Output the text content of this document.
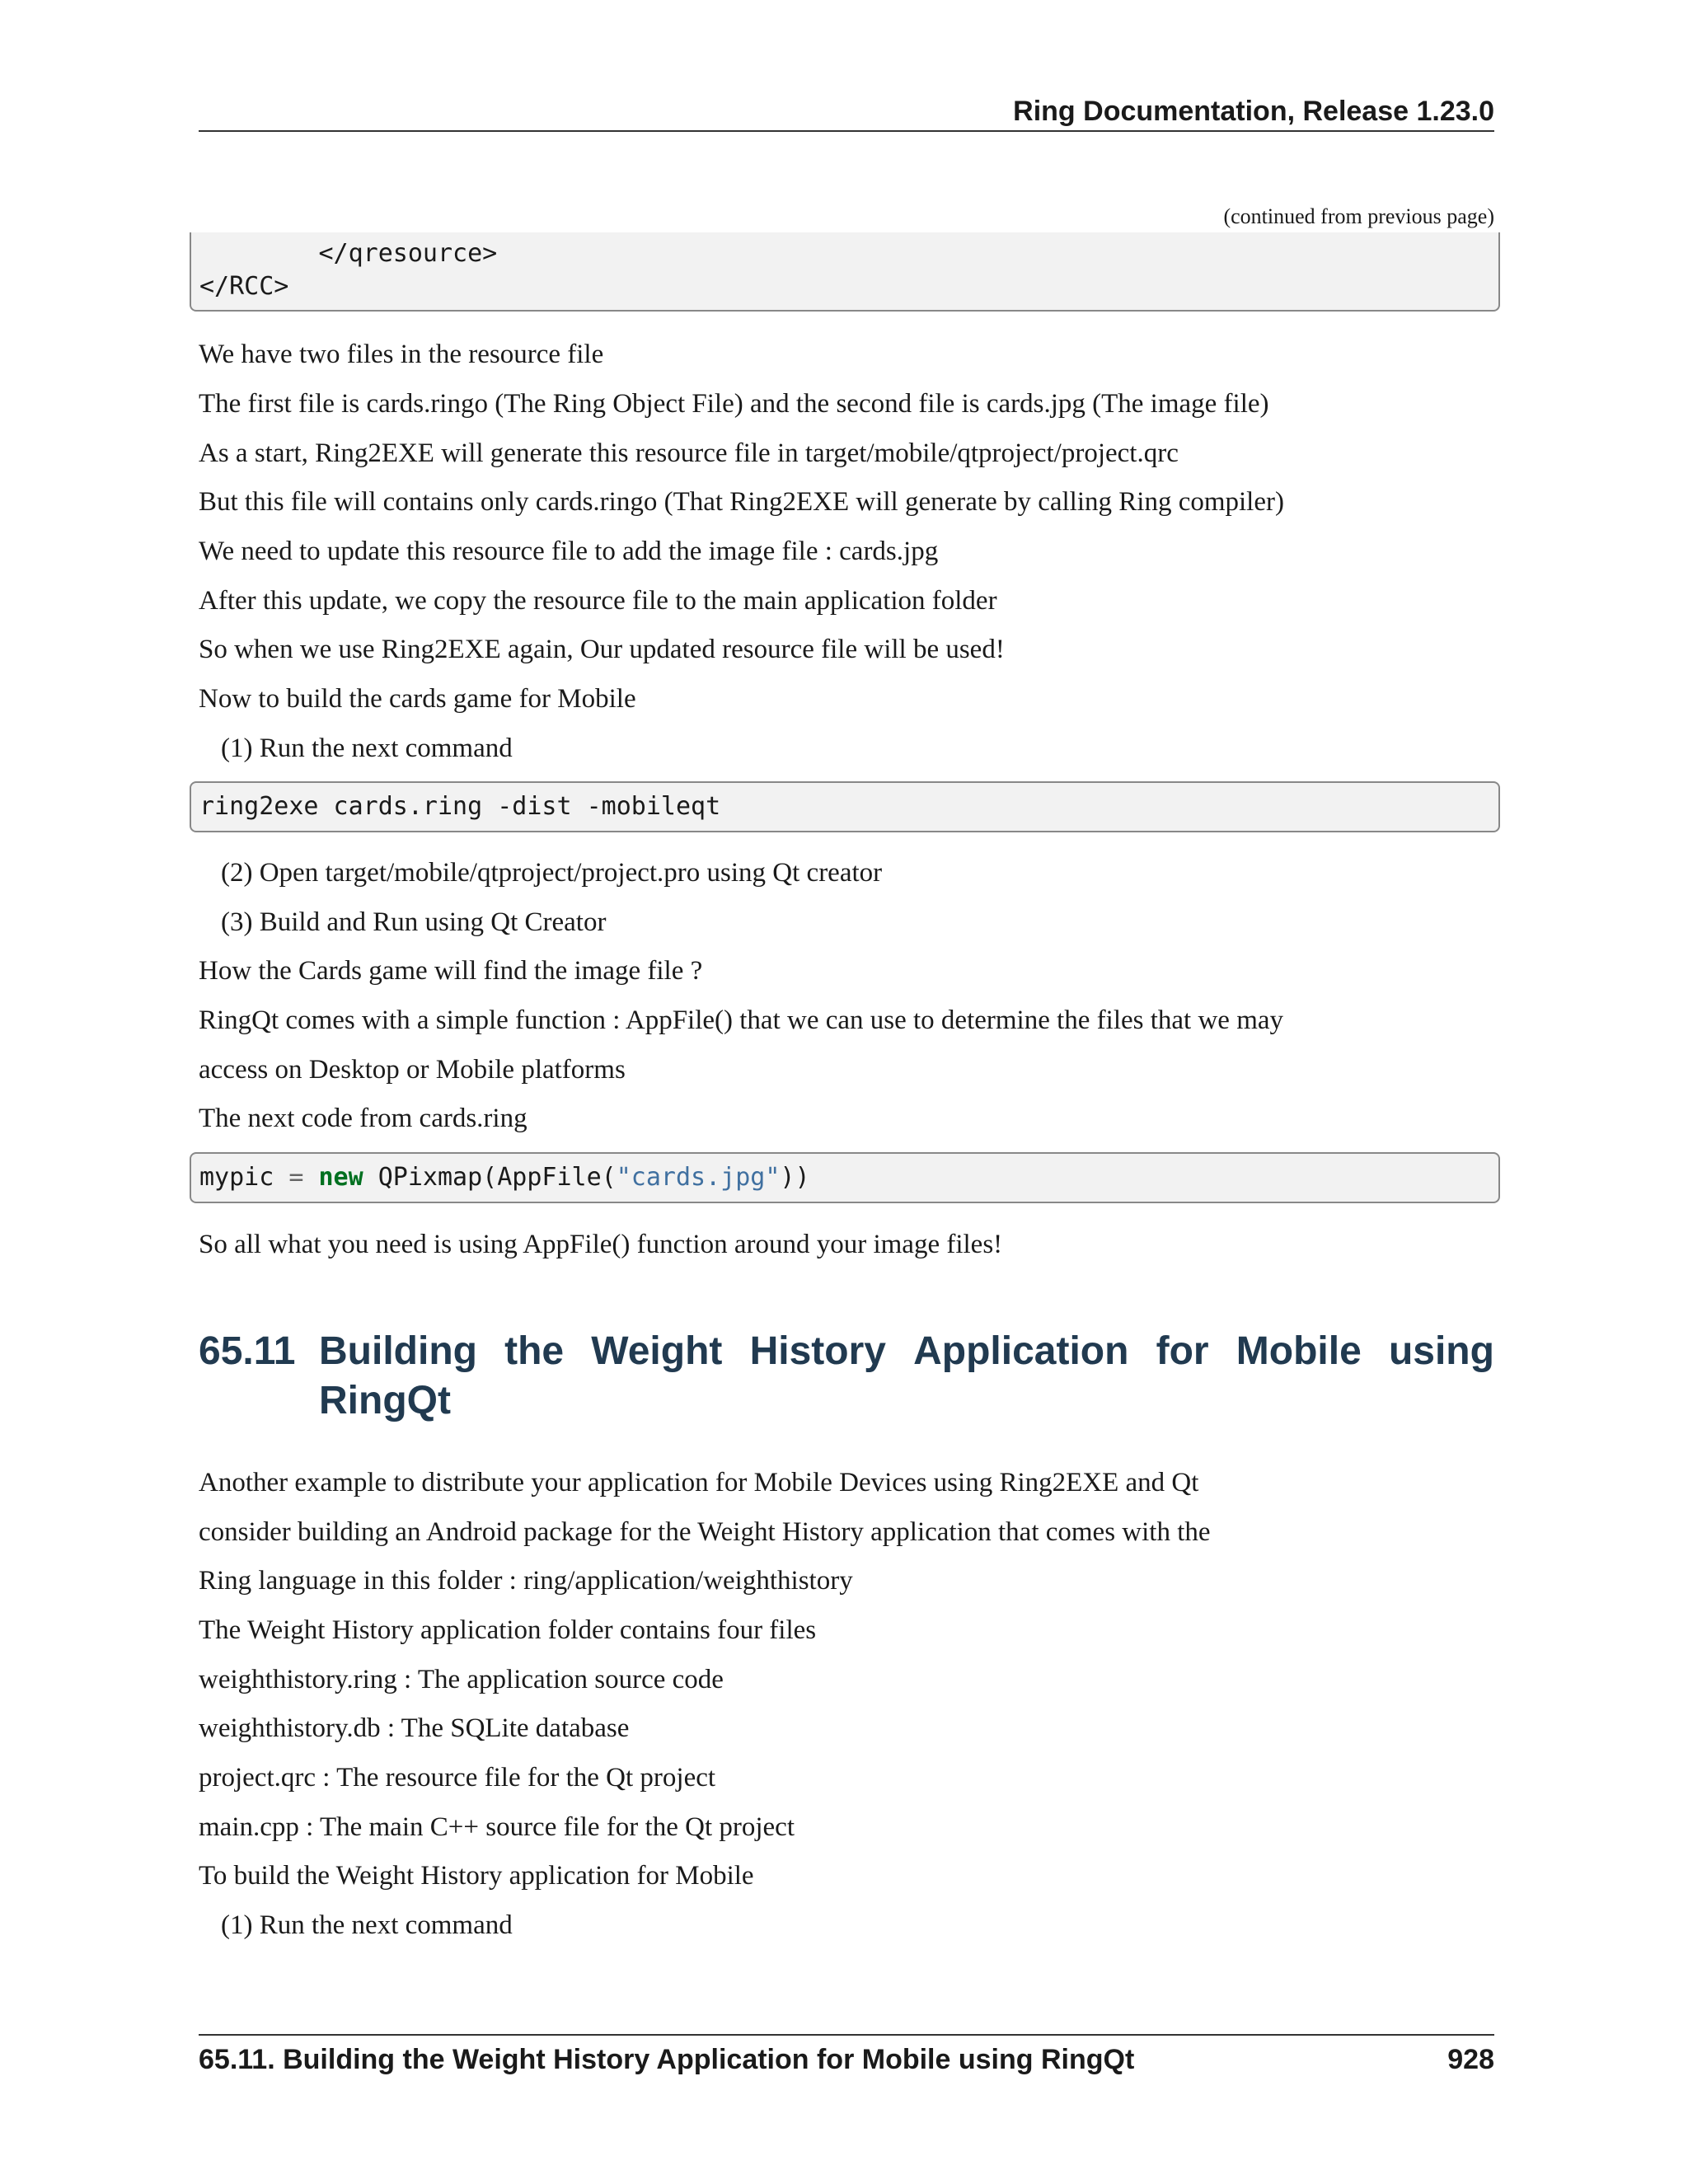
Ring Documentation, Release 1.23.0
(continued from previous page)
</qresource>
</RCC>
We have two files in the resource file
The first file is cards.ringo (The Ring Object File) and the second file is cards.jpg (The image file)
As a start, Ring2EXE will generate this resource file in target/mobile/qtproject/project.qrc
But this file will contains only cards.ringo (That Ring2EXE will generate by calling Ring compiler)
We need to update this resource file to add the image file : cards.jpg
After this update, we copy the resource file to the main application folder
So when we use Ring2EXE again, Our updated resource file will be used!
Now to build the cards game for Mobile
(1) Run the next command
ring2exe cards.ring -dist -mobileqt
(2) Open target/mobile/qtproject/project.pro using Qt creator
(3) Build and Run using Qt Creator
How the Cards game will find the image file ?
RingQt comes with a simple function : AppFile() that we can use to determine the files that we may
access on Desktop or Mobile platforms
The next code from cards.ring
mypic = new QPixmap(AppFile("cards.jpg"))
So all what you need is using AppFile() function around your image files!
65.11 Building the Weight History Application for Mobile using
RingQt
Another example to distribute your application for Mobile Devices using Ring2EXE and Qt
consider building an Android package for the Weight History application that comes with the
Ring language in this folder : ring/application/weighthistory
The Weight History application folder contains four files
weighthistory.ring : The application source code
weighthistory.db : The SQLite database
project.qrc : The resource file for the Qt project
main.cpp : The main C++ source file for the Qt project
To build the Weight History application for Mobile
(1) Run the next command
65.11. Building the Weight History Application for Mobile using RingQt	928
